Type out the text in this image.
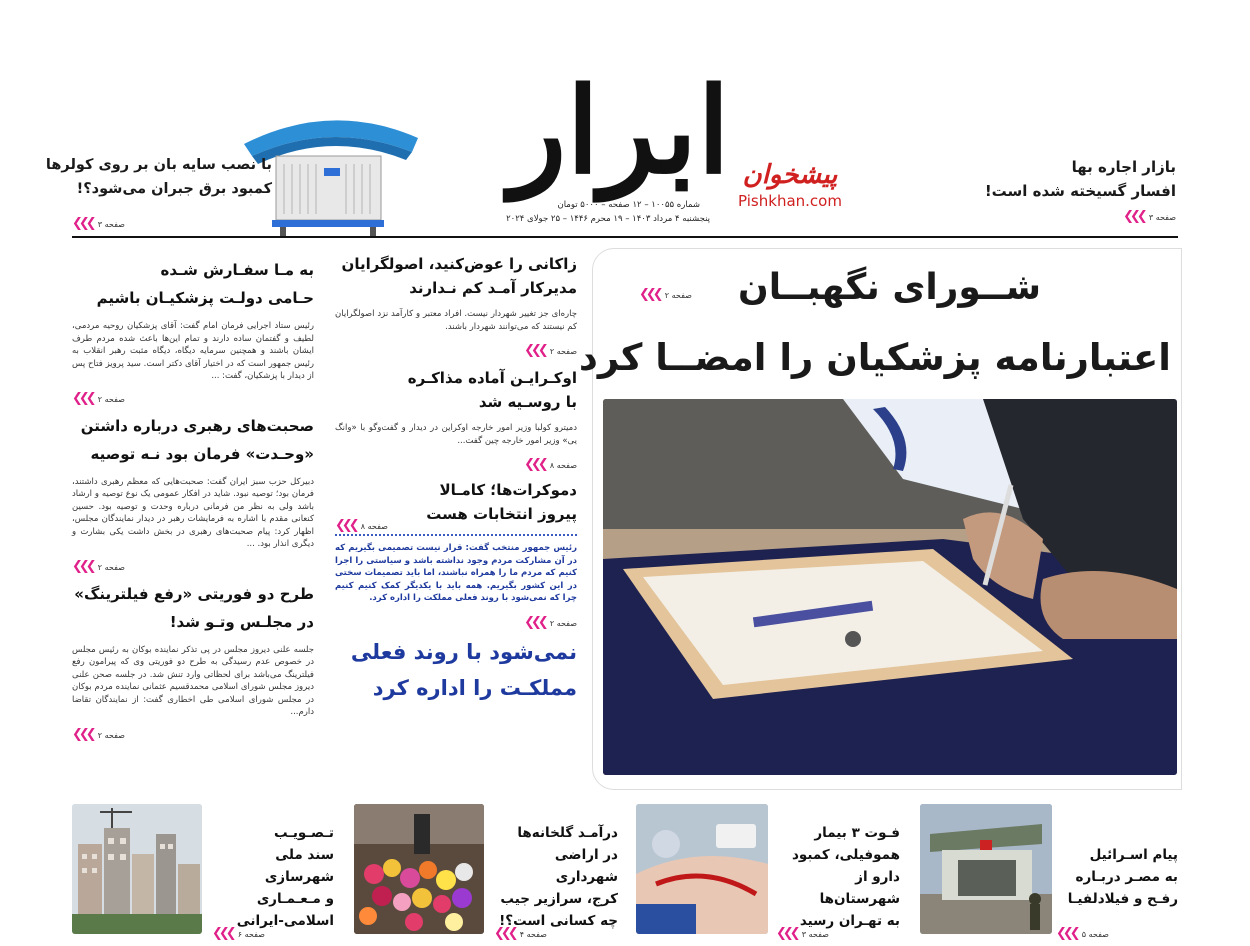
بازار اجاره بها
افسار گسیخته شده است!
صفحه ۳ ❮❮❮
پیشخوان
Pishkhan.com
ابرار
شماره ۱۰۰۵۵ – ۱۲ صفحه – ۵۰۰۰ تومان
پنجشنبه ۴ مرداد ۱۴۰۳ – ۱۹ محرم ۱۴۴۶ – ۲۵ جولای ۲۰۲۴
با نصب سایه بان بر روی کولرها
کمبود برق جبران می‌شود؟!
صفحه ۳ ❮❮❮
شــورای نگهبــان
صفحه ۲ ❮❮❮
اعتبارنامه پزشکیان را امضــا کرد
زاکانی را عوض‌کنید، اصولگرایان
مدیرکار آمـد کم نـدارند
چاره‌ای جز تغییر شهردار نیست. افراد معتبر و کارآمد نزد اصولگرایان کم نیستند که می‌توانند شهردار باشند.
صفحه ۲ ❮❮❮
اوکـرایـن آماده مذاکـره
با روسـیه شد
دمیترو کولبا وزیر امور خارجه اوکراین در دیدار و گفت‌وگو با «وانگ یی» وزیر امور خارجه چین گفت...
صفحه ۸ ❮❮❮
دموکرات‌ها؛ کامـالا
پیروز انتخابات هست
صفحه ۸ ❮❮❮
رئیس جمهور منتخب گفت: قرار نیست تصمیمی بگیریم که در آن مشارکت مردم وجود نداشته باشد و سیاستی را اجرا کنیم که مردم ما را همراه نباشند، اما باید تصمیمات سختی در این کشور بگیریم. همه باید با یکدیگر کمک کنیم کنیم چرا که نمی‌شود با روند فعلی مملکت را اداره کرد.
صفحه ۲ ❮❮❮
نمی‌شود با روند فعلی
مملکـت را اداره کرد
به مـا سفـارش شـده
حـامی دولـت پزشکیـان باشیم
رئیس ستاد اجرایی فرمان امام گفت: آقای پزشکیان روحیه مردمی، لطیف و گفتمان ساده دارند و تمام این‌ها باعث شده مردم طرف ایشان باشند و همچنین سرمایه دیگاه، دیگاه مثبت رهبر انقلاب به رئیس جمهور است که در اختیار آقای دکتر است. سید پرویز فتاح پس از دیدار با پزشکیان، گفت: ...
❮❮❮ صفحه ۲
صحبت‌های رهبری درباره داشتن
«وحـدت» فرمان بود نـه توصیه
دبیرکل حزب سبز ایران گفت: صحبت‌هایی که معظم رهبری داشتند، فرمان بود؛ توصیه نبود. شاید در افکار عمومی یک نوع توصیه و ارشاد باشد ولی به نظر من فرمانی درباره وحدت و توصیه بود. حسین کنعانی مقدم با اشاره به فرمایشات رهبر در دیدار نمایندگان مجلس، اظهار کرد: پیام صحبت‌های رهبری در بخش داشت یکی بشارت و دیگری انذار بود. ...
❮❮❮ صفحه ۲
طرح دو فوریتی «رفع فیلترینگ»
در مجلـس وتـو شد!
جلسه علنی دیروز مجلس در پی تذکر نماینده بوکان به رئیس مجلس در خصوص عدم رسیدگی به طرح دو فوریتی وی که پیرامون رفع فیلترینگ می‌باشد برای لحظاتی وارد تنش شد. در جلسه صحن علنی دیروز مجلس شورای اسلامی محمدقسیم عثمانی نماینده مردم بوکان در مجلس شورای اسلامی طی اخطاری گفت: از نمایندگان تقاضا دارم...
❮❮❮ صفحه ۲
پیام اسـرائیل
به مصـر دربـاره
رفـح و فیلادلفیـا
صفحه ۵ ❮❮❮
فـوت ۳ بیمار
هموفیلی، کمبود
دارو از شهرستان‌ها
به تهـران رسید
صفحه ۳ ❮❮❮
درآمـد گلخانه‌ها
در اراضی شهرداری
کرج، سرازیر جیب
چه کسانی است؟!
صفحه ۴ ❮❮❮
تـصـویـب
سند ملی شهرسازی
و مـعـمـاری
اسلامی-ایرانی
صفحه ۶ ❮❮❮
